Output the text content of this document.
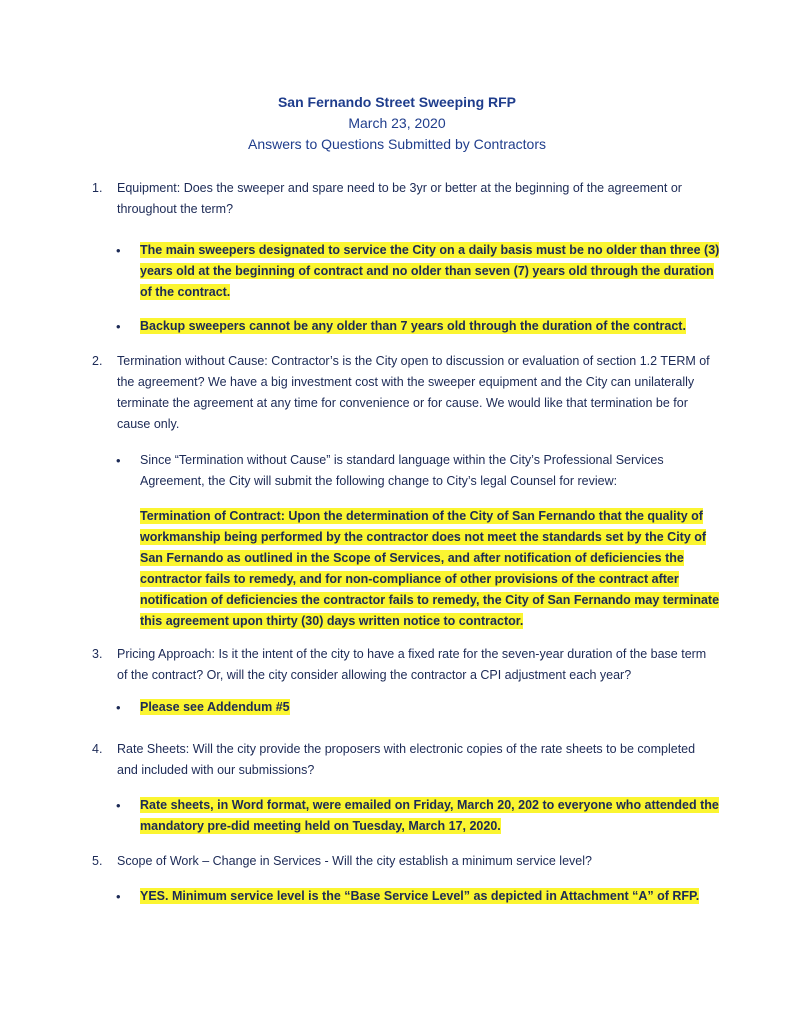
San Fernando Street Sweeping RFP
March 23, 2020
Answers to Questions Submitted by Contractors
1. Equipment: Does the sweeper and spare need to be 3yr or better at the beginning of the agreement or throughout the term?
• The main sweepers designated to service the City on a daily basis must be no older than three (3) years old at the beginning of contract and no older than seven (7) years old through the duration of the contract.
• Backup sweepers cannot be any older than 7 years old through the duration of the contract.
2. Termination without Cause: Contractor’s is the City open to discussion or evaluation of section 1.2 TERM of the agreement? We have a big investment cost with the sweeper equipment and the City can unilaterally terminate the agreement at any time for convenience or for cause. We would like that termination be for cause only.
• Since “Termination without Cause” is standard language within the City’s Professional Services Agreement, the City will submit the following change to City’s legal Counsel for review:
Termination of Contract: Upon the determination of the City of San Fernando that the quality of workmanship being performed by the contractor does not meet the standards set by the City of San Fernando as outlined in the Scope of Services, and after notification of deficiencies the contractor fails to remedy, and for non-compliance of other provisions of the contract after notification of deficiencies the contractor fails to remedy, the City of San Fernando may terminate this agreement upon thirty (30) days written notice to contractor.
3. Pricing Approach: Is it the intent of the city to have a fixed rate for the seven-year duration of the base term of the contract? Or, will the city consider allowing the contractor a CPI adjustment each year?
• Please see Addendum #5
4. Rate Sheets: Will the city provide the proposers with electronic copies of the rate sheets to be completed and included with our submissions?
• Rate sheets, in Word format, were emailed on Friday, March 20, 202 to everyone who attended the mandatory pre-did meeting held on Tuesday, March 17, 2020.
5. Scope of Work – Change in Services - Will the city establish a minimum service level?
• YES. Minimum service level is the “Base Service Level” as depicted in Attachment “A” of RFP.
